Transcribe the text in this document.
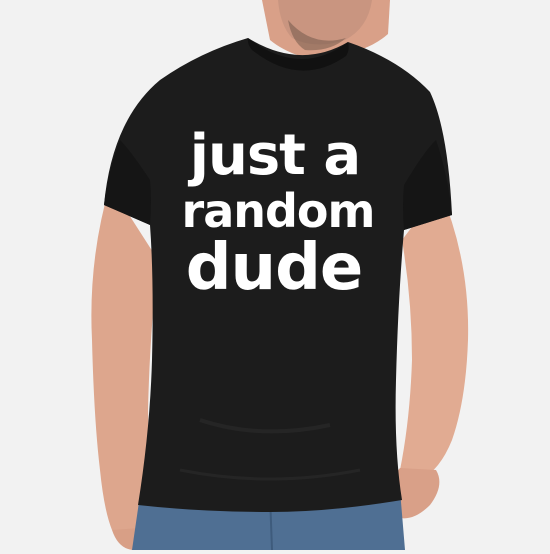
just a
random
dude
